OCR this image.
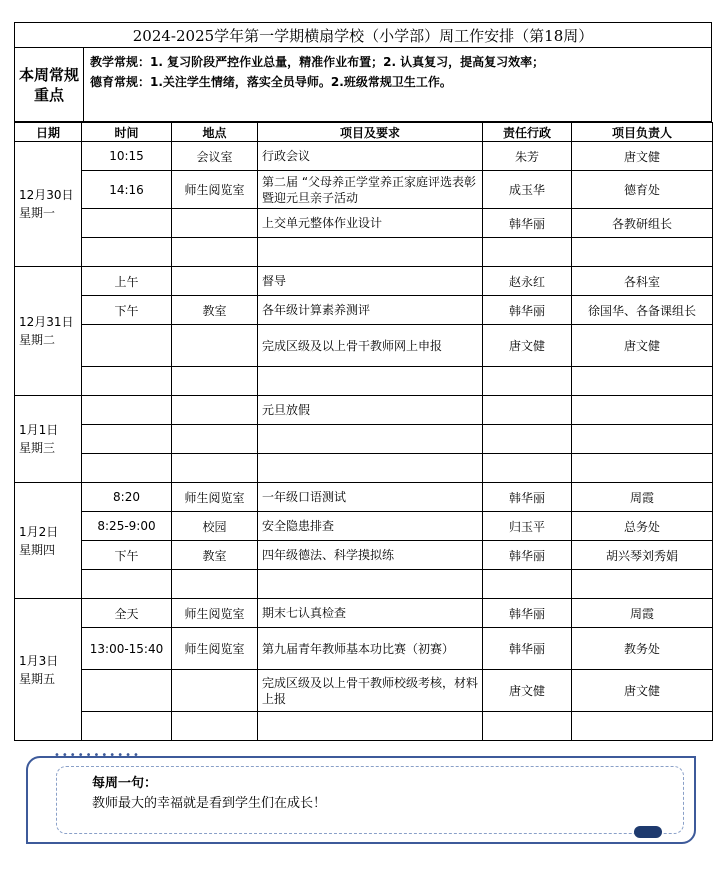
2024-2025学年第一学期横扇学校（小学部）周工作安排（第18周）
本周常规重点
教学常规：1. 复习阶段严控作业总量，精准作业布置；2. 认真复习，提高复习效率；
德育常规：1.关注学生情绪，落实全员导师。2.班级常规卫生工作。
日期	时间	地点	项目及要求	责任行政	项目负责人

12月30日
星期一	10:15	会议室	行政会议	朱芳	唐文健
	14:16	师生阅览室	第二届 “父母养正学堂养正家庭评选表彰暨迎元旦亲子活动	成玉华	德育处
			上交单元整体作业设计	韩华丽	各教研组长

12月31日
星期二	上午		督导	赵永红	各科室
	下午	教室	各年级计算素养测评	韩华丽	徐国华、各备课组长
			完成区级及以上骨干教师网上申报	唐文健	唐文健

1月1日
星期三			元旦放假		

1月2日
星期四	8:20	师生阅览室	一年级口语测试	韩华丽	周霞
	8:25-9:00	校园	安全隐患排查	归玉平	总务处
	下午	教室	四年级德法、科学摸拟练	韩华丽	胡兴琴刘秀娟

1月3日
星期五	全天	师生阅览室	期末七认真检查	韩华丽	周霞
	13:00-15:40	师生阅览室	第九届青年教师基本功比赛（初赛）	韩华丽	教务处
			完成区级及以上骨干教师校级考核，材料上报	唐文健	唐文健

•••••••••••
每周一句：
教师最大的幸福就是看到学生们在成长！
